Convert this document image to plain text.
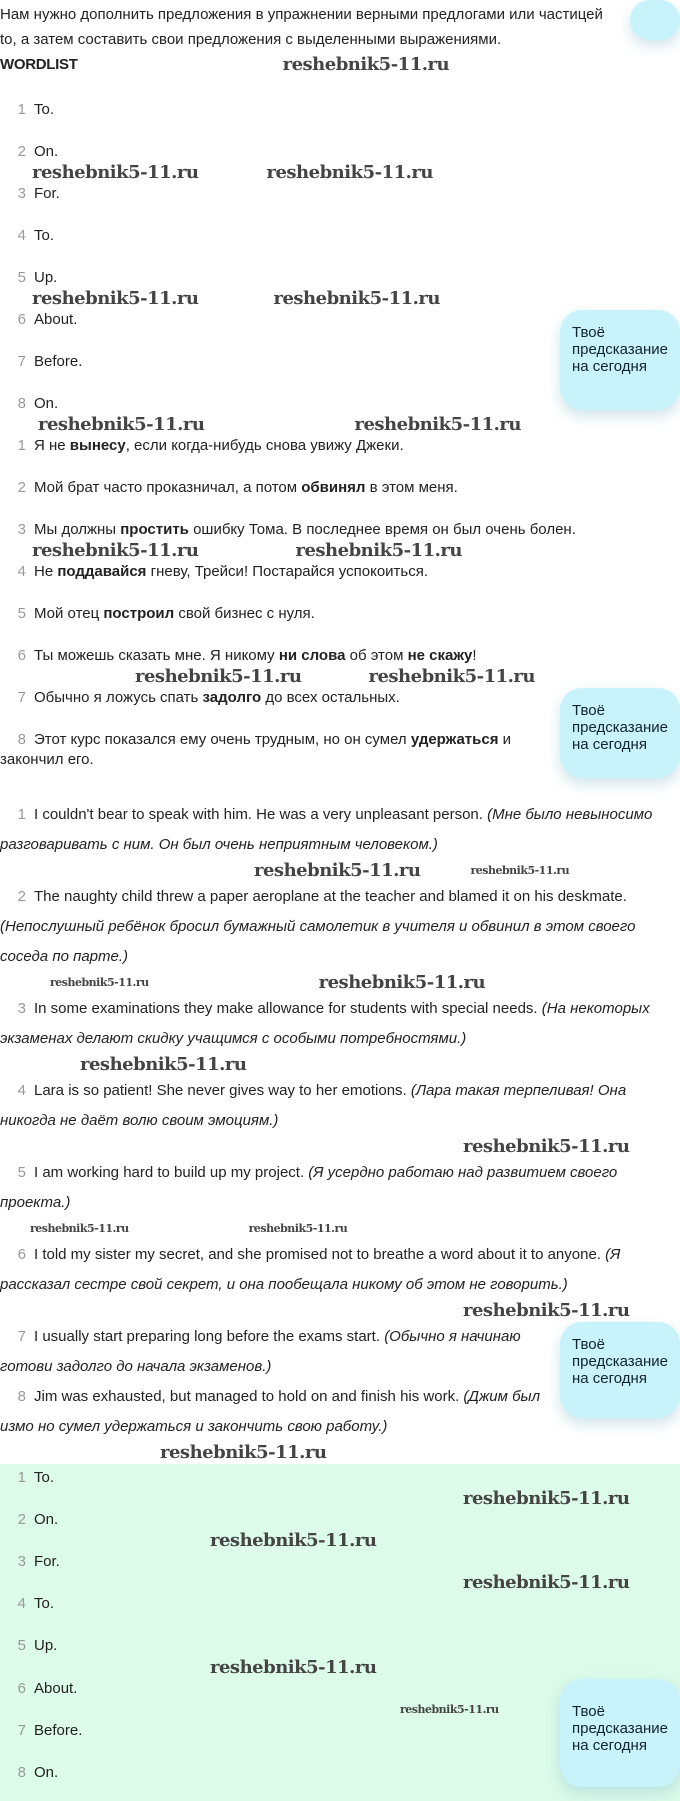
Нам нужно дополнить предложения в упражнении верными предлогами или частицей
to, а затем составить свои предложения с выделенными выражениями.
WORDLIST	reshebnik5-11.ru
1 To.
2 On.
reshebnik5-11.ru	reshebnik5-11.ru
3 For.
4 To.
5 Up.
reshebnik5-11.ru	reshebnik5-11.ru
Твоё
предсказание
на сегодня
6 About.
7 Before.
8 On.
reshebnik5-11.ru	reshebnik5-11.ru
1 Я не вынесу, если когда-нибудь снова увижу Джеки.
2 Мой брат часто проказничал, а потом обвинял в этом меня.
3 Мы должны простить ошибку Тома. В последнее время он был очень болен.
reshebnik5-11.ru	reshebnik5-11.ru
4 Не поддавайся гневу, Трейси! Постарайся успокоиться.
5 Мой отец построил свой бизнес с нуля.
6 Ты можешь сказать мне. Я никому ни слова об этом не скажу!
reshebnik5-11.ru	reshebnik5-11.ru
Твоё
предсказание
на сегодня
7 Обычно я ложусь спать задолго до всех остальных.
8 Этот курс показался ему очень трудным, но он сумел удержаться и закончил его.
1 I couldn't bear to speak with him. He was a very unpleasant person. (Мне было невыносимо разговаривать с ним. Он был очень неприятным человеком.)
reshebnik5-11.ru	reshebnik5-11.ru
2 The naughty child threw a paper aeroplane at the teacher and blamed it on his deskmate. (Непослушный ребёнок бросил бумажный самолетик в учителя и обвинил в этом своего соседа по парте.)
reshebnik5-11.ru	reshebnik5-11.ru
3 In some examinations they make allowance for students with special needs. (На некоторых экзаменах делают скидку учащимся с особыми потребностями.)
reshebnik5-11.ru
4 Lara is so patient! She never gives way to her emotions. (Лара такая терпеливая! Она никогда не даёт волю своим эмоциям.)
reshebnik5-11.ru
5 I am working hard to build up my project. (Я усердно работаю над развитием своего проекта.)
reshebnik5-11.ru	reshebnik5-11.ru
6 I told my sister my secret, and she promised not to breathe a word about it to anyone. (Я рассказал сестре свой секрет, и она пообещала никому об этом не говорить.)
reshebnik5-11.ru
Твоё
предсказание
на сегодня
7 I usually start preparing long before the exams start. (Обычно я начинаю готови задолго до начала экзаменов.)
8 Jim was exhausted, but managed to hold on and finish his work. (Джим был измо но сумел удержаться и закончить свою работу.)
reshebnik5-11.ru
1 To.
reshebnik5-11.ru
2 On.
reshebnik5-11.ru
3 For.
reshebnik5-11.ru
4 To.
5 Up.
reshebnik5-11.ru
Твоё
предсказание
на сегодня
6 About.
reshebnik5-11.ru
7 Before.
8 On.
